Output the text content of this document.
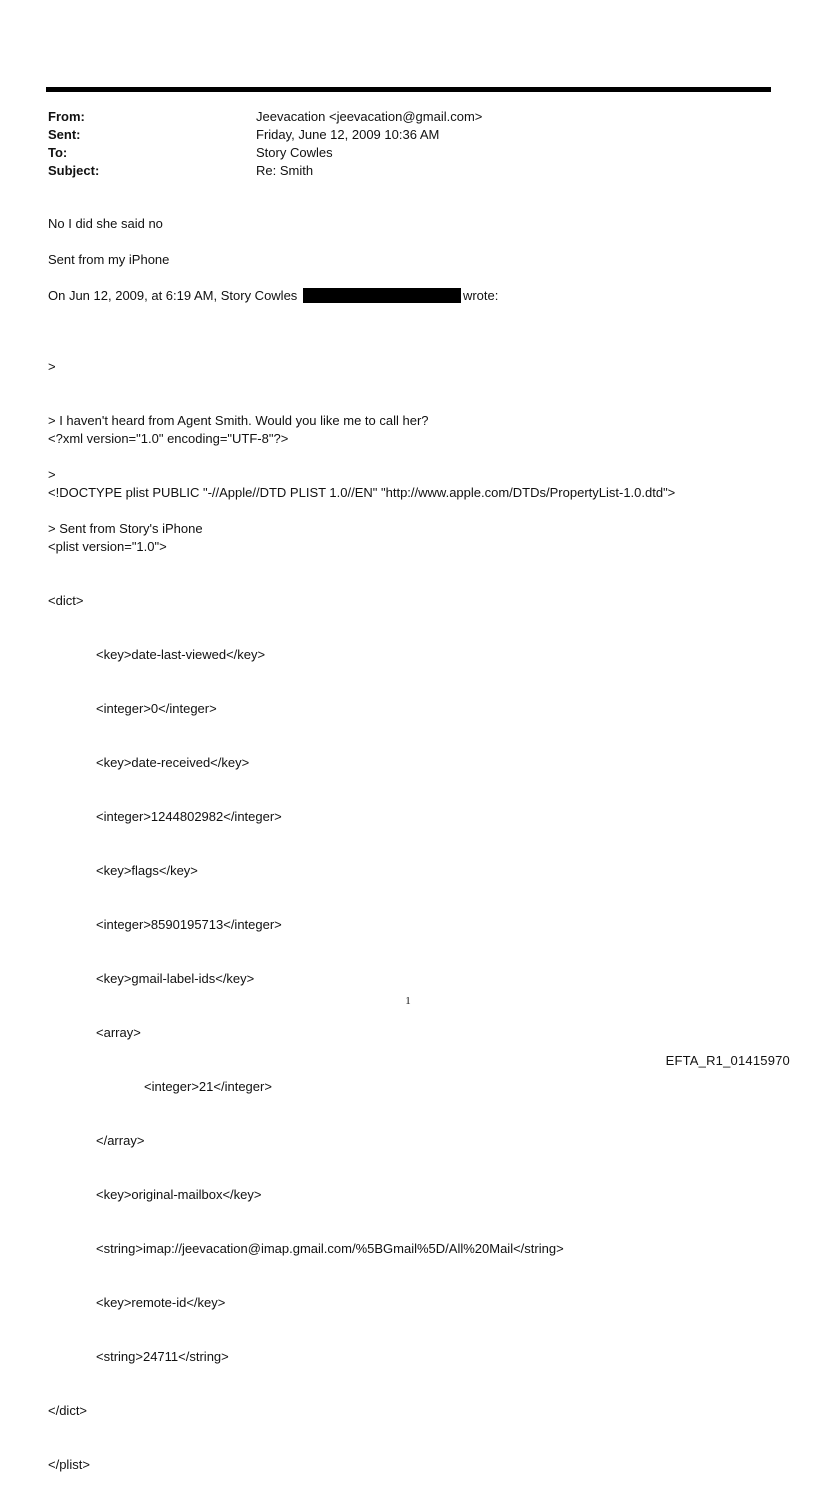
From:	Jeevacation <jeevacation@gmail.com>
Sent:	Friday, June 12, 2009 10:36 AM
To:	Story Cowles
Subject:	Re: Smith
No I did she said no
Sent from my iPhone
On Jun 12, 2009, at 6:19 AM, Story Cowles	wrote:

>

> I haven't heard from Agent Smith. Would you like me to call her?

>

> Sent from Story's iPhone

<?xml version="1.0" encoding="UTF-8"?>

<!DOCTYPE plist PUBLIC "-//Apple//DTD PLIST 1.0//EN" "http://www.apple.com/DTDs/PropertyList-1.0.dtd">

<plist version="1.0">

<dict>

<key>date-last-viewed</key>

<integer>0</integer>

<key>date-received</key>

<integer>1244802982</integer>

<key>flags</key>

<integer>8590195713</integer>

<key>gmail-label-ids</key>

<array>

<integer>21</integer>

</array>

<key>original-mailbox</key>

<string>imap://jeevacation@imap.gmail.com/%5BGmail%5D/All%20Mail</string>

<key>remote-id</key>

<string>24711</string>

</dict>

</plist>

1
EFTA_R1_01415970
